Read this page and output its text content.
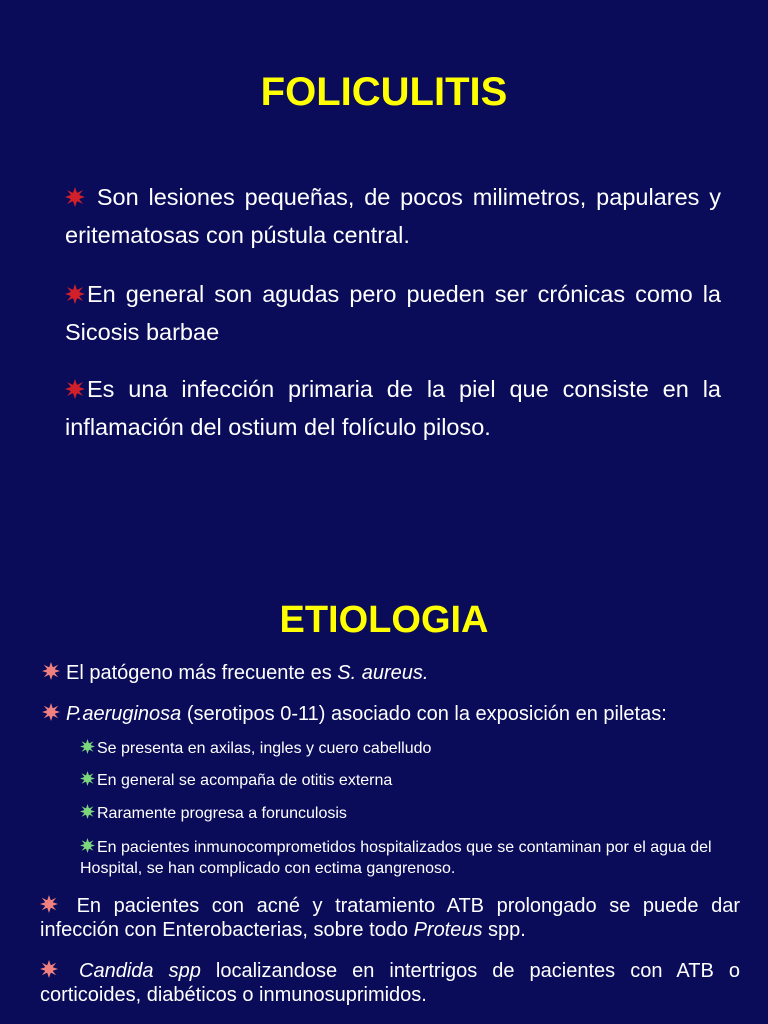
FOLICULITIS

Son lesiones pequeñas, de pocos milimetros, papulares y eritematosas con pústula central.

En general son agudas pero pueden ser crónicas como la Sicosis barbae

Es una infección primaria de la piel que consiste en la inflamación del ostium del folículo piloso.

ETIOLOGIA

El patógeno más frecuente es S. aureus.

P.aeruginosa (serotipos 0-11) asociado con la exposición en piletas:

Se presenta en axilas, ingles y cuero cabelludo

En general se acompaña de otitis externa

Raramente progresa a forunculosis

En pacientes inmunocomprometidos hospitalizados que se contaminan por el agua del Hospital, se han complicado con ectima gangrenoso.

En pacientes con acné y tratamiento ATB prolongado se puede dar infección con Enterobacterias, sobre todo Proteus spp.

Candida spp localizandose en intertrigos de pacientes con ATB o corticoides, diabéticos o inmunosuprimidos.
